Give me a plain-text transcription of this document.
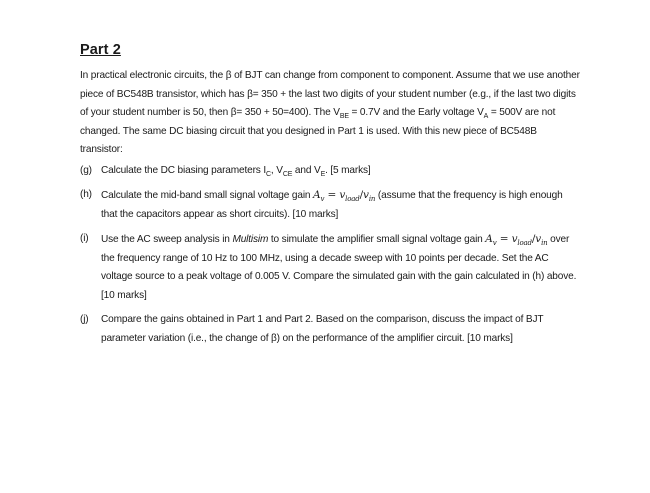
Part 2

In practical electronic circuits, the β of BJT can change from component to component. Assume that we use another piece of BC548B transistor, which has β= 350 + the last two digits of your student number (e.g., if the last two digits of your student number is 50, then β= 350 + 50=400). The $V_{BE} = 0.7V$ and the Early voltage $V_A = 500V$ are not changed. The same DC biasing circuit that you designed in Part 1 is used. With this new piece of BC548B transistor:

(g) Calculate the DC biasing parameters $I_C$, $V_{CE}$ and $V_E$. [5 marks]
(h) Calculate the mid-band small signal voltage gain $A_v = v_{load}/v_{in}$ (assume that the frequency is high enough that the capacitors appear as short circuits). [10 marks]
(i)	Use the AC sweep analysis in Multisim to simulate the amplifier small signal voltage gain $A_v = v_{load}/v_{in}$ over the frequency range of 10 Hz to 100 MHz, using a decade sweep with 10 points per decade. Set the AC voltage source to a peak voltage of 0.005 V. Compare the simulated gain with the gain calculated in (h) above. [10 marks]
(j)	Compare the gains obtained in Part 1 and Part 2. Based on the comparison, discuss the impact of BJT parameter variation (i.e., the change of β) on the performance of the amplifier circuit. [10 marks]
